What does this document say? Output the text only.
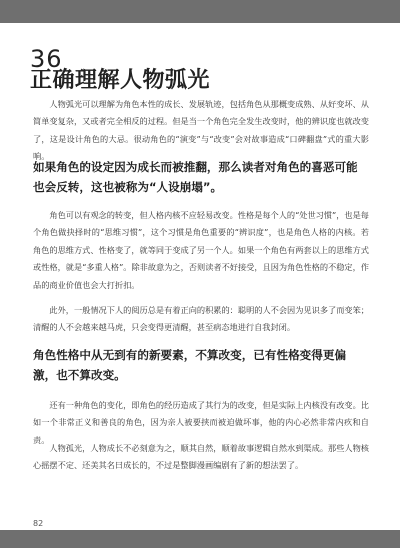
36
正确理解人物弧光
人物弧光可以理解为角色本性的成长、发展轨迹，包括角色从那概变成熟、从好变坏、从简单变复杂，又或者完全相反的过程。但是当一个角色完全发生改变时，他的辨识度也就改变了，这是设计角色的大忌。很动角色的“演变”与“改变”会对故事造成“口碑翻盘”式的重大影响。
如果角色的设定因为成长而被推翻，那么读者对角色的喜恶可能也会反转，这也被称为“人设崩塌”。
角色可以有观念的转变，但人格内核不应轻易改变。性格是每个人的“处世习惯”，也是每个角色做抉择时的“思维习惯”，这个习惯是角色重要的“辨识度”，也是角色人格的内核。若角色的思维方式、性格变了，就等同于变成了另一个人。如果一个角色有两套以上的思维方式或性格，就是“多重人格”。除非故意为之，否则读者不好接受，且因为角色性格的不稳定，作品的商业价值也会大打折扣。
此外，一般情况下人的阅历总是有着正向的积累的：聪明的人不会因为见识多了而变笨；清醒的人不会越来越马虎，只会变得更清醒，甚至病态地进行自我封闭。
角色性格中从无到有的新要素，不算改变，已有性格变得更偏激，也不算改变。
还有一种角色的变化，即角色的经历造成了其行为的改变，但是实际上内核没有改变。比如一个非常正义和善良的角色，因为亲人被要挟而被迫做坏事，他的内心必然非常内疚和自责。
人物孤光，人物成长不必刻意为之，顺其自然，顺着故事逻辑自然水到渠成。那些人物核心摇摆不定、还美其名曰成长的，不过是整脚漫画编剧有了新的想法罢了。
82
